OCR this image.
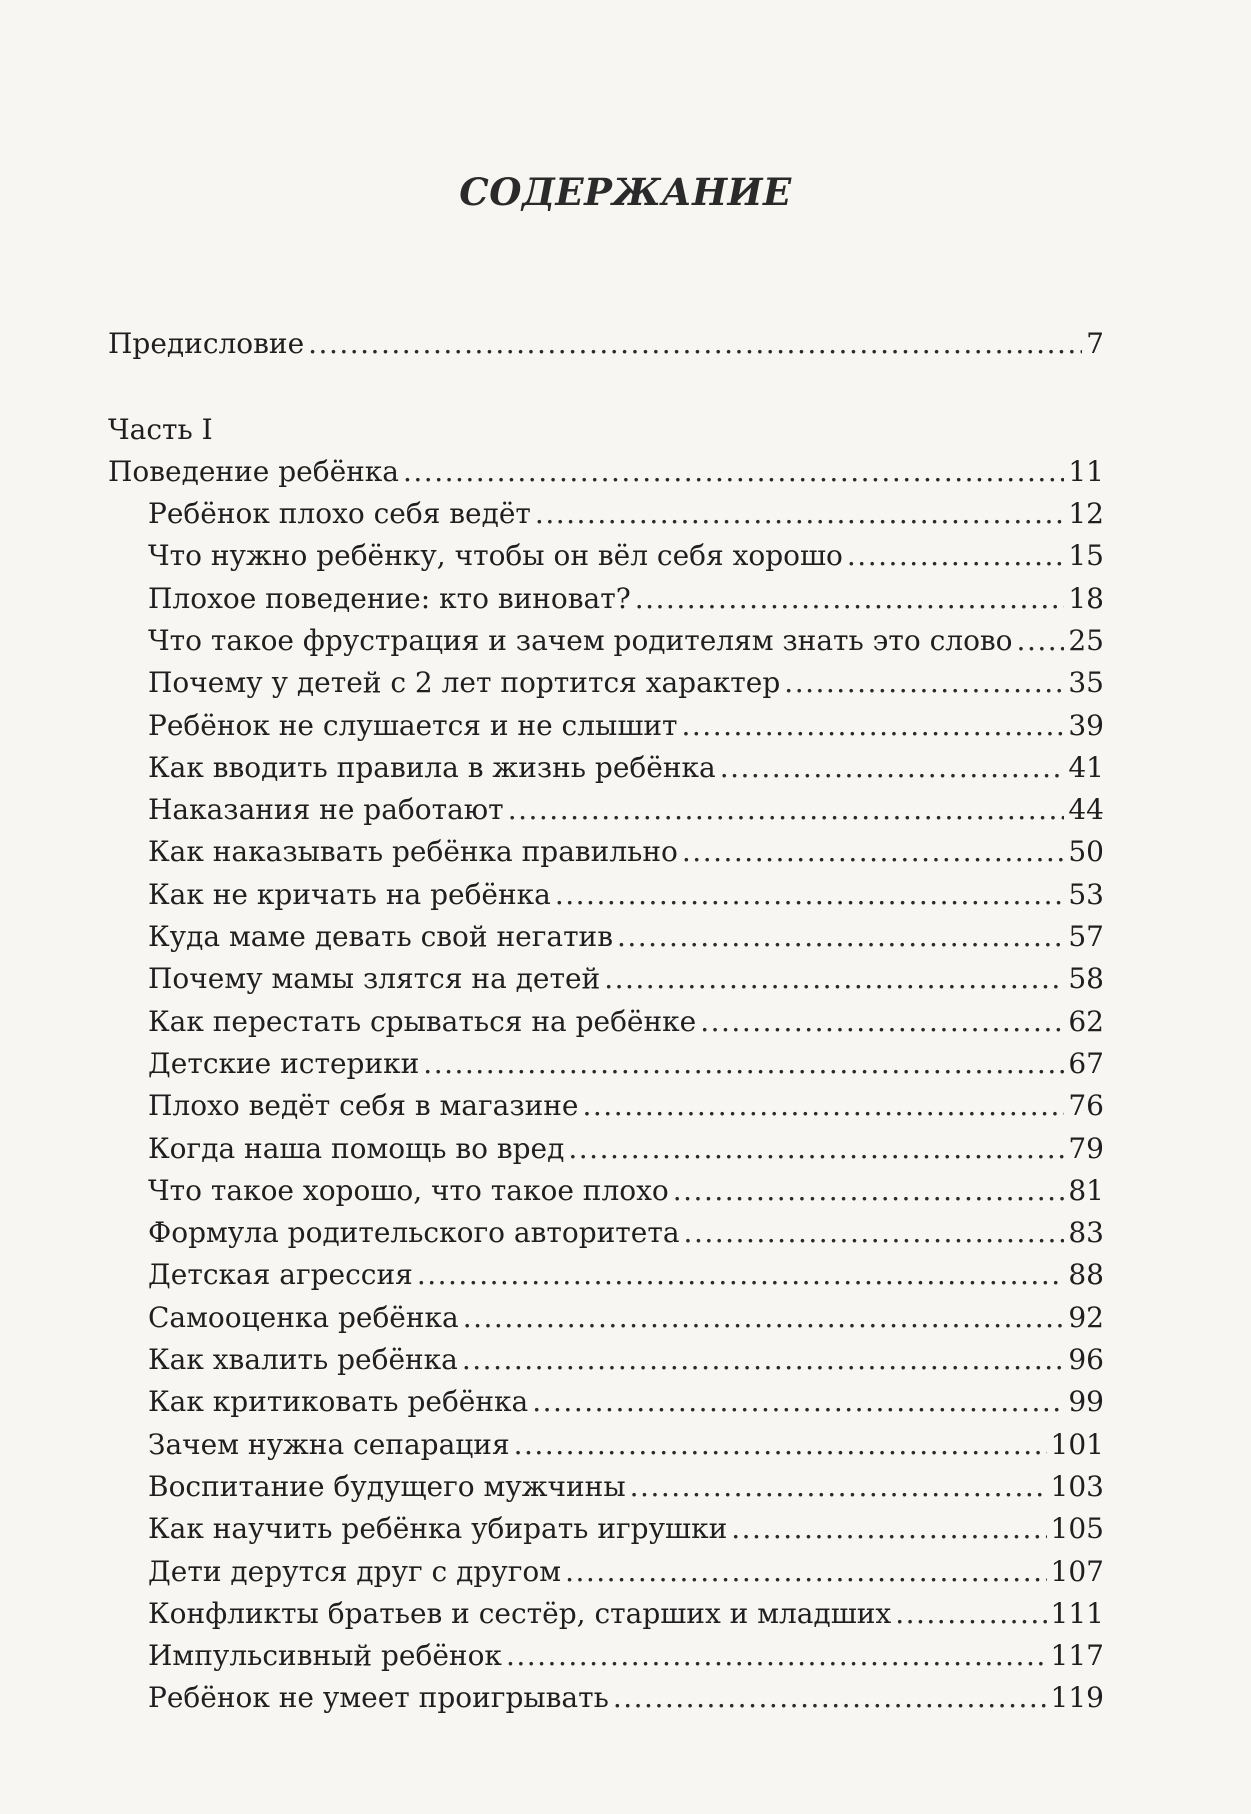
СОДЕРЖАНИЕ
Предисловие .....	7
Часть I
Поведение ребёнка .....	11
Ребёнок плохо себя ведёт .....	12
Что нужно ребёнку, чтобы он вёл себя хорошо .....	15
Плохое поведение: кто виноват? .....	18
Что такое фрустрация и зачем родителям знать это слово ..... 25
Почему у детей с 2 лет портится характер .....	35
Ребёнок не слушается и не слышит .....	39
Как вводить правила в жизнь ребёнка .....	41
Наказания не работают .....	44
Как наказывать ребёнка правильно .....	50
Как не кричать на ребёнка .....	53
Куда маме девать свой негатив .....	57
Почему мамы злятся на детей .....	58
Как перестать срываться на ребёнке .....	62
Детские истерики .....	67
Плохо ведёт себя в магазине .....	76
Когда наша помощь во вред .....	79
Что такое хорошо, что такое плохо .....	81
Формула родительского авторитета .....	83
Детская агрессия .....	88
Самооценка ребёнка .....	92
Как хвалить ребёнка .....	96
Как критиковать ребёнка .....	99
Зачем нужна сепарация .....	101
Воспитание будущего мужчины .....	103
Как научить ребёнка убирать игрушки .....	105
Дети дерутся друг с другом .....	107
Конфликты братьев и сестёр, старших и младших .....	111
Импульсивный ребёнок .....	117
Ребёнок не умеет проигрывать .....	119
